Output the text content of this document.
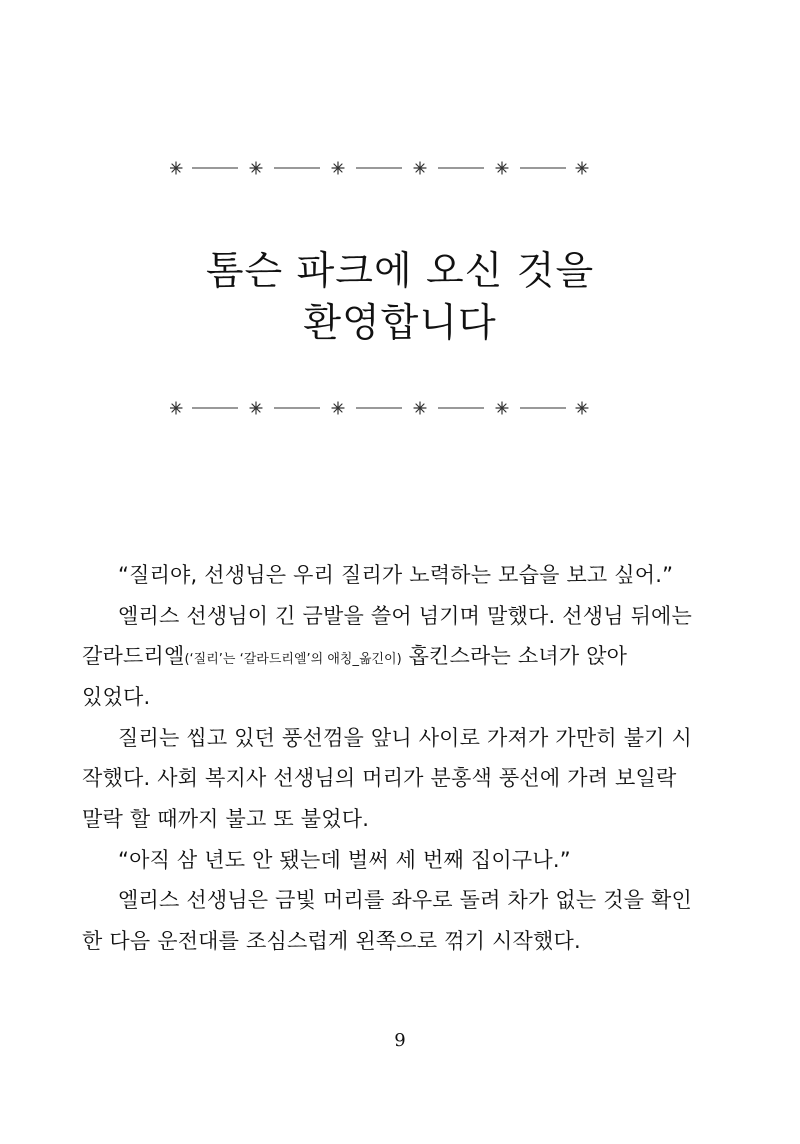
톰슨 파크에 오신 것을
환영합니다

“질리야, 선생님은 우리 질리가 노력하는 모습을 보고 싶어.”

엘리스 선생님이 긴 금발을 쓸어 넘기며 말했다. 선생님 뒤에는

갈라드리엘(‘질리’는 ‘갈라드리엘’의 애칭_옮긴이) 홉킨스라는 소녀가 앉아

있었다.

질리는 씹고 있던 풍선껌을 앞니 사이로 가져가 가만히 불기 시

작했다. 사회 복지사 선생님의 머리가 분홍색 풍선에 가려 보일락

말락 할 때까지 불고 또 불었다.

“아직 삼 년도 안 됐는데 벌써 세 번째 집이구나.”

엘리스 선생님은 금빛 머리를 좌우로 돌려 차가 없는 것을 확인

한 다음 운전대를 조심스럽게 왼쪽으로 꺾기 시작했다.

9
